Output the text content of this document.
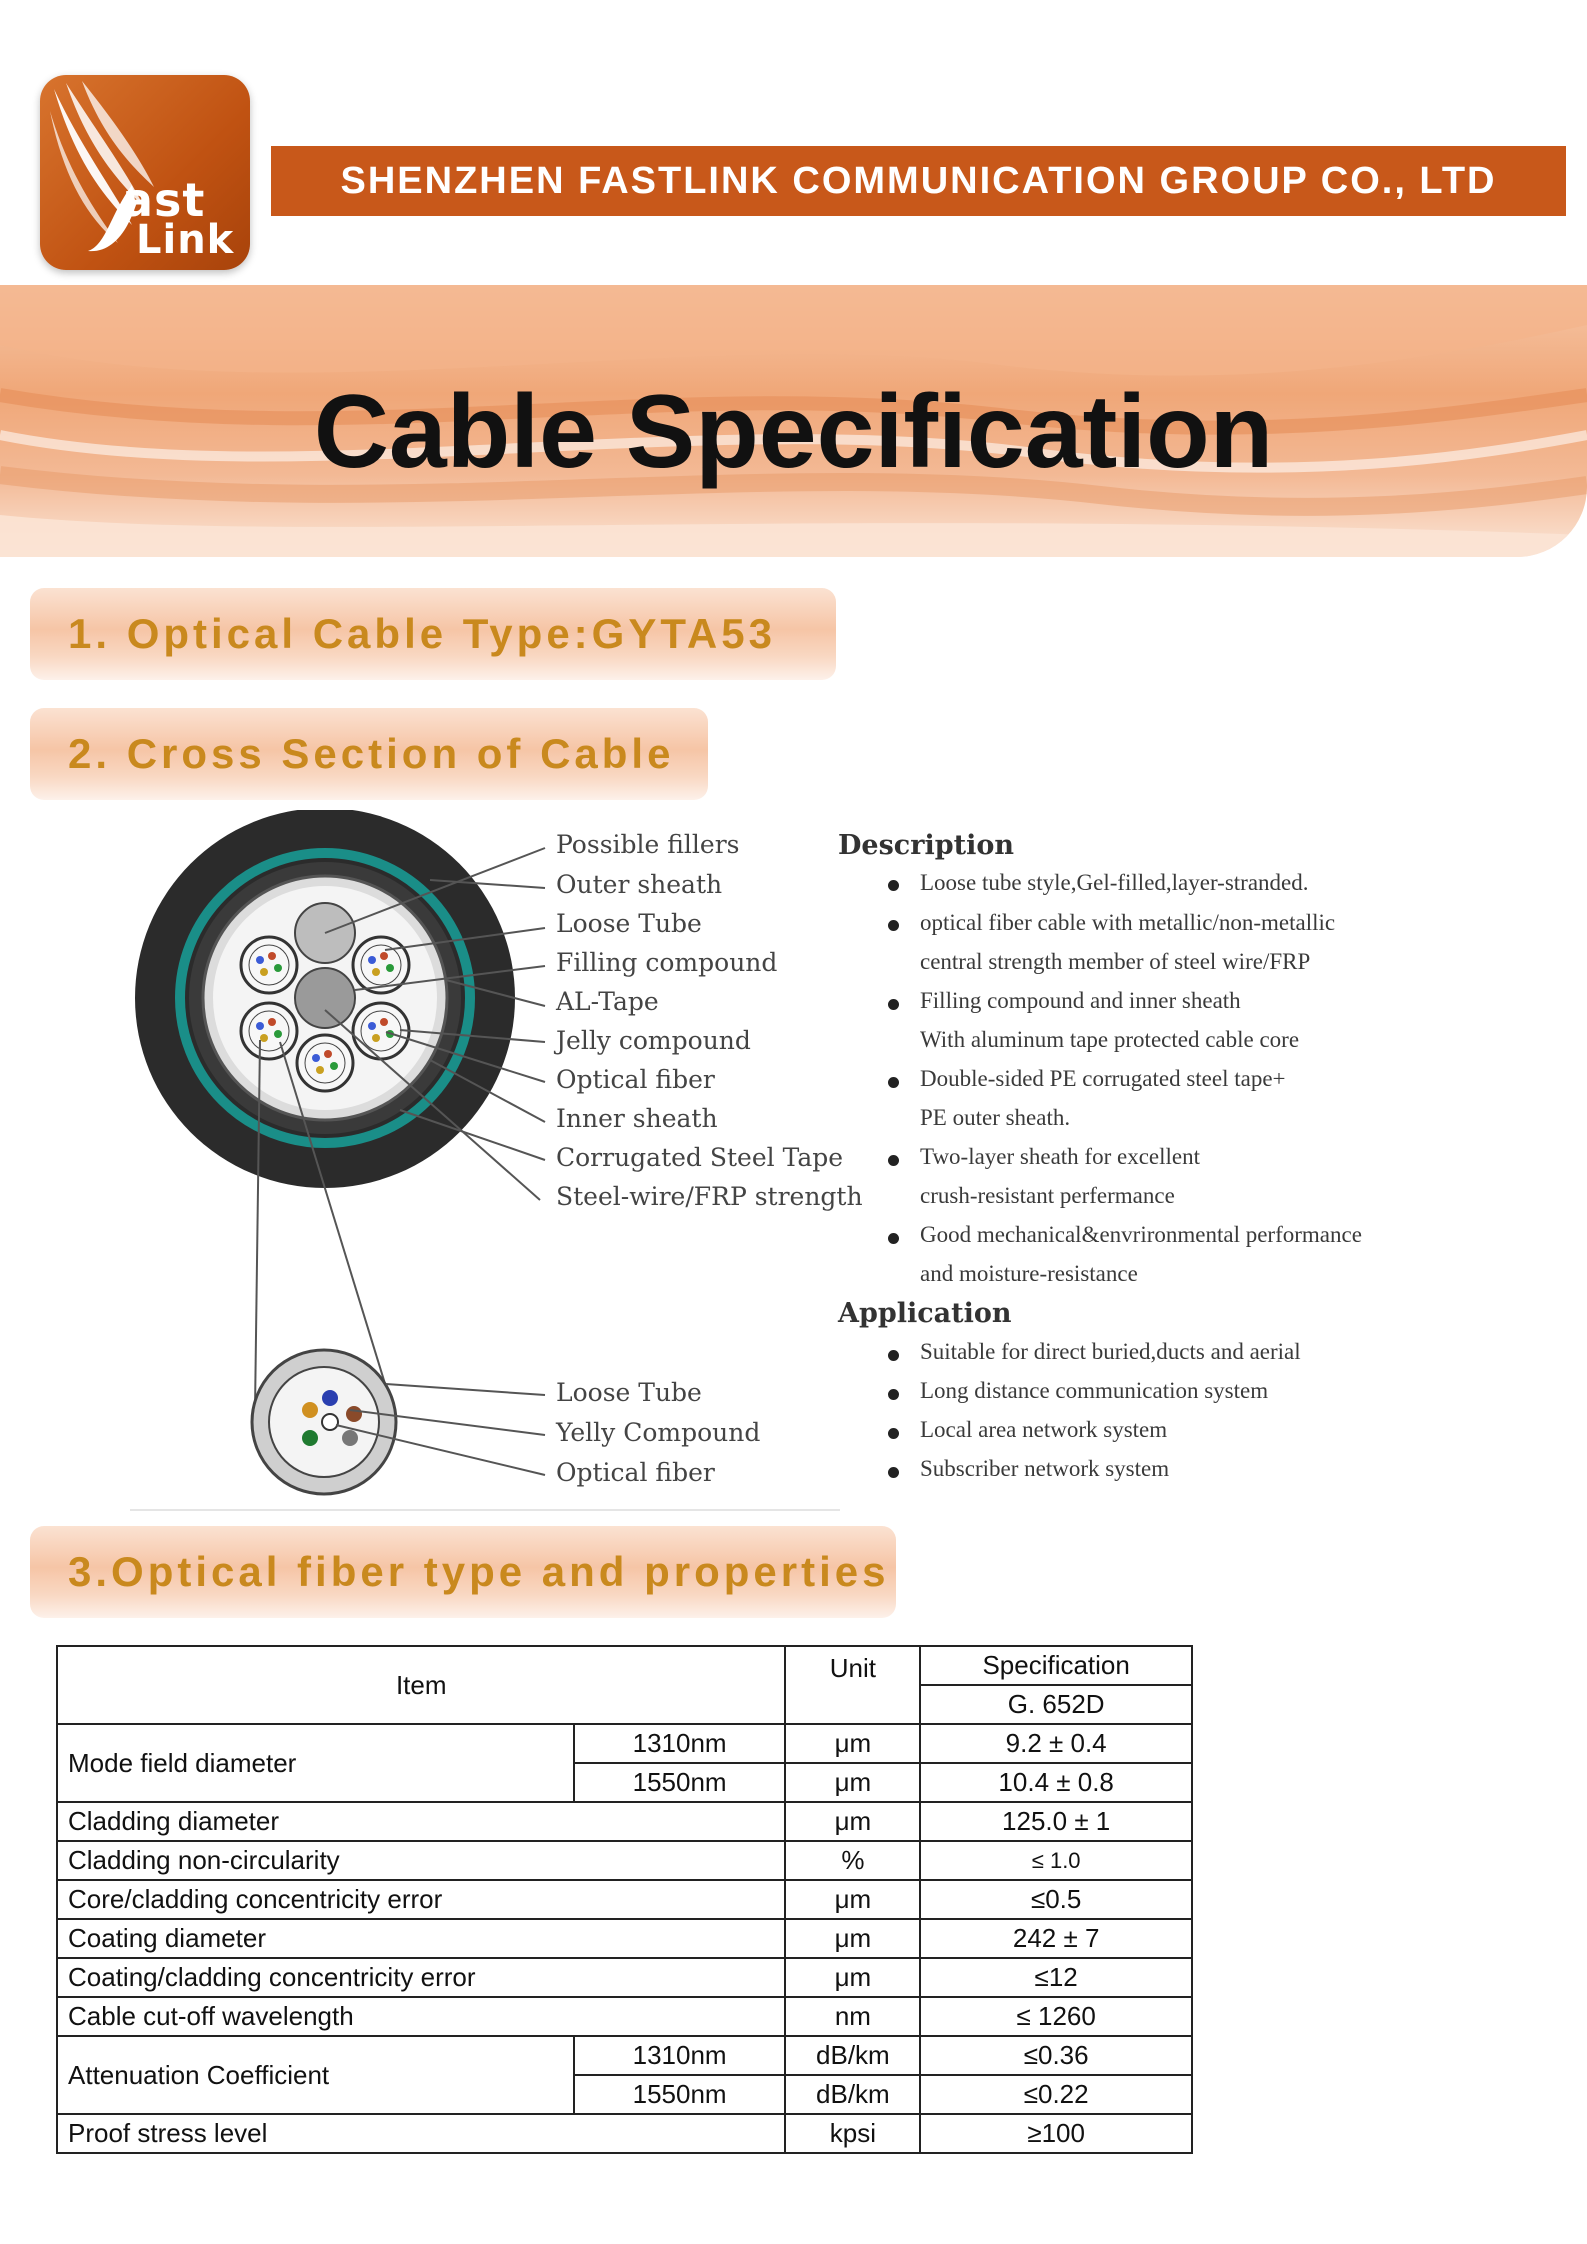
ast
Link
SHENZHEN FASTLINK COMMUNICATION GROUP CO., LTD
Cable Specification
1. Optical Cable Type:GYTA53
2. Cross Section of Cable
3.Optical fiber type and properties
Possible fillers
Outer sheath
Loose Tube
Filling compound
AL-Tape
Jelly compound
Optical fiber
Inner sheath
Corrugated Steel Tape
Steel-wire/FRP strength
Loose Tube
Yelly Compound
Optical fiber
Description
Loose tube style,Gel-filled,layer-stranded.
optical fiber cable with metallic/non-metallic
central strength member of steel wire/FRP
Filling compound and inner sheath
With aluminum tape protected cable core
Double-sided PE corrugated steel tape+
PE outer sheath.
Two-layer sheath for excellent
crush-resistant perfermance
Good mechanical&envrironmental performance
and moisture-resistance
Application
Suitable for direct buried,ducts and aerial
Long distance communication system
Local area network system
Subscriber network system
Item		Unit	Specification
			G. 652D
Mode field diameter	1310nm	μm	9.2 ± 0.4
	1550nm	μm	10.4 ± 0.8
Cladding diameter		μm	125.0 ± 1
Cladding non-circularity		%	≤ 1.0
Core/cladding concentricity error		μm	≤0.5
Coating diameter		μm	242 ± 7
Coating/cladding concentricity error		μm	≤12
Cable cut-off wavelength		nm	≤ 1260
Attenuation Coefficient	1310nm	dB/km	≤0.36
	1550nm	dB/km	≤0.22
Proof stress level		kpsi	≥100
